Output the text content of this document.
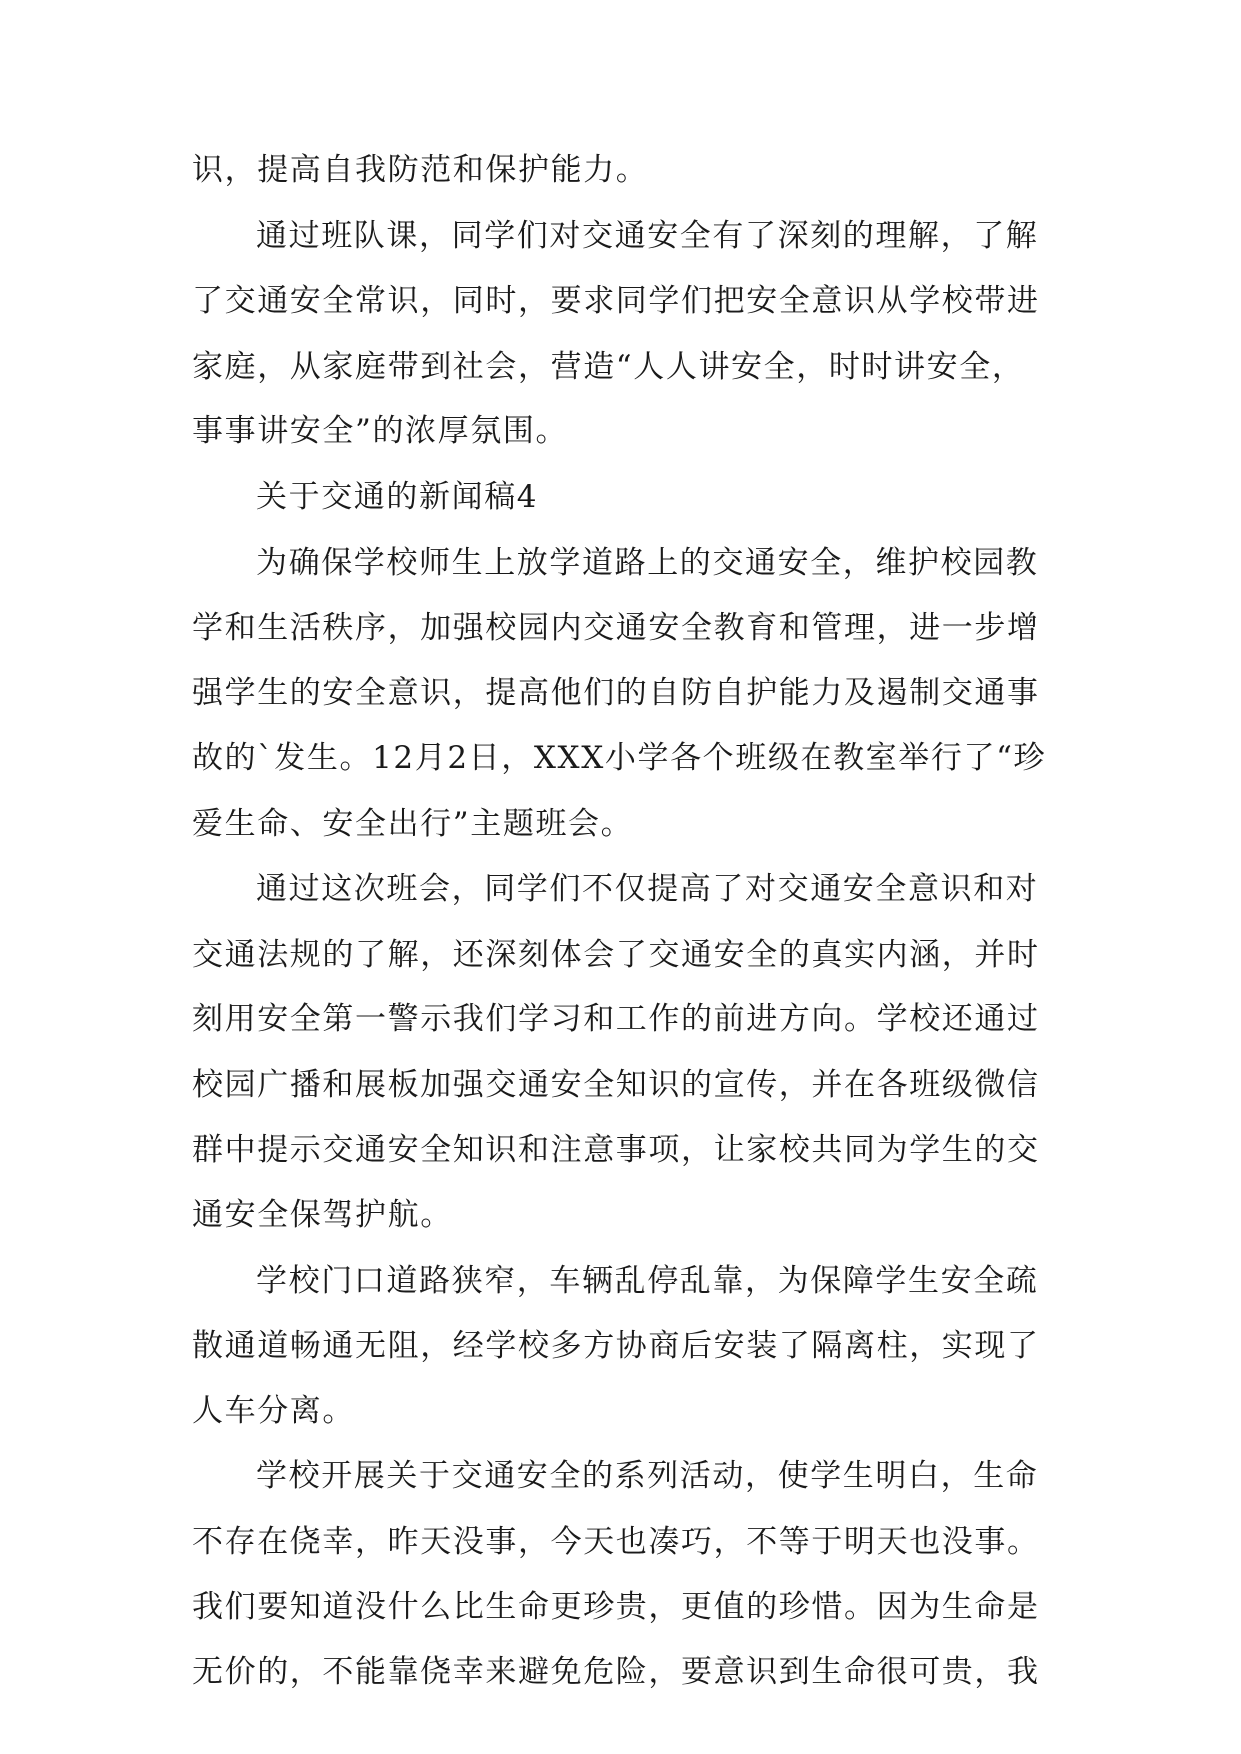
识，提高自我防范和保护能力。
通过班队课，同学们对交通安全有了深刻的理解，了解
了交通安全常识，同时，要求同学们把安全意识从学校带进
家庭，从家庭带到社会，营造“人人讲安全，时时讲安全，
事事讲安全”的浓厚氛围。
关于交通的新闻稿4
为确保学校师生上放学道路上的交通安全，维护校园教
学和生活秩序，加强校园内交通安全教育和管理，进一步增
强学生的安全意识，提高他们的自防自护能力及遏制交通事
故的`发生。12月2日，XXX小学各个班级在教室举行了“珍
爱生命、安全出行”主题班会。
通过这次班会，同学们不仅提高了对交通安全意识和对
交通法规的了解，还深刻体会了交通安全的真实内涵，并时
刻用安全第一警示我们学习和工作的前进方向。学校还通过
校园广播和展板加强交通安全知识的宣传，并在各班级微信
群中提示交通安全知识和注意事项，让家校共同为学生的交
通安全保驾护航。
学校门口道路狭窄，车辆乱停乱靠，为保障学生安全疏
散通道畅通无阻，经学校多方协商后安装了隔离柱，实现了
人车分离。
学校开展关于交通安全的系列活动，使学生明白，生命
不存在侥幸，昨天没事，今天也凑巧，不等于明天也没事。
我们要知道没什么比生命更珍贵，更值的珍惜。因为生命是
无价的，不能靠侥幸来避免危险，要意识到生命很可贵，我
